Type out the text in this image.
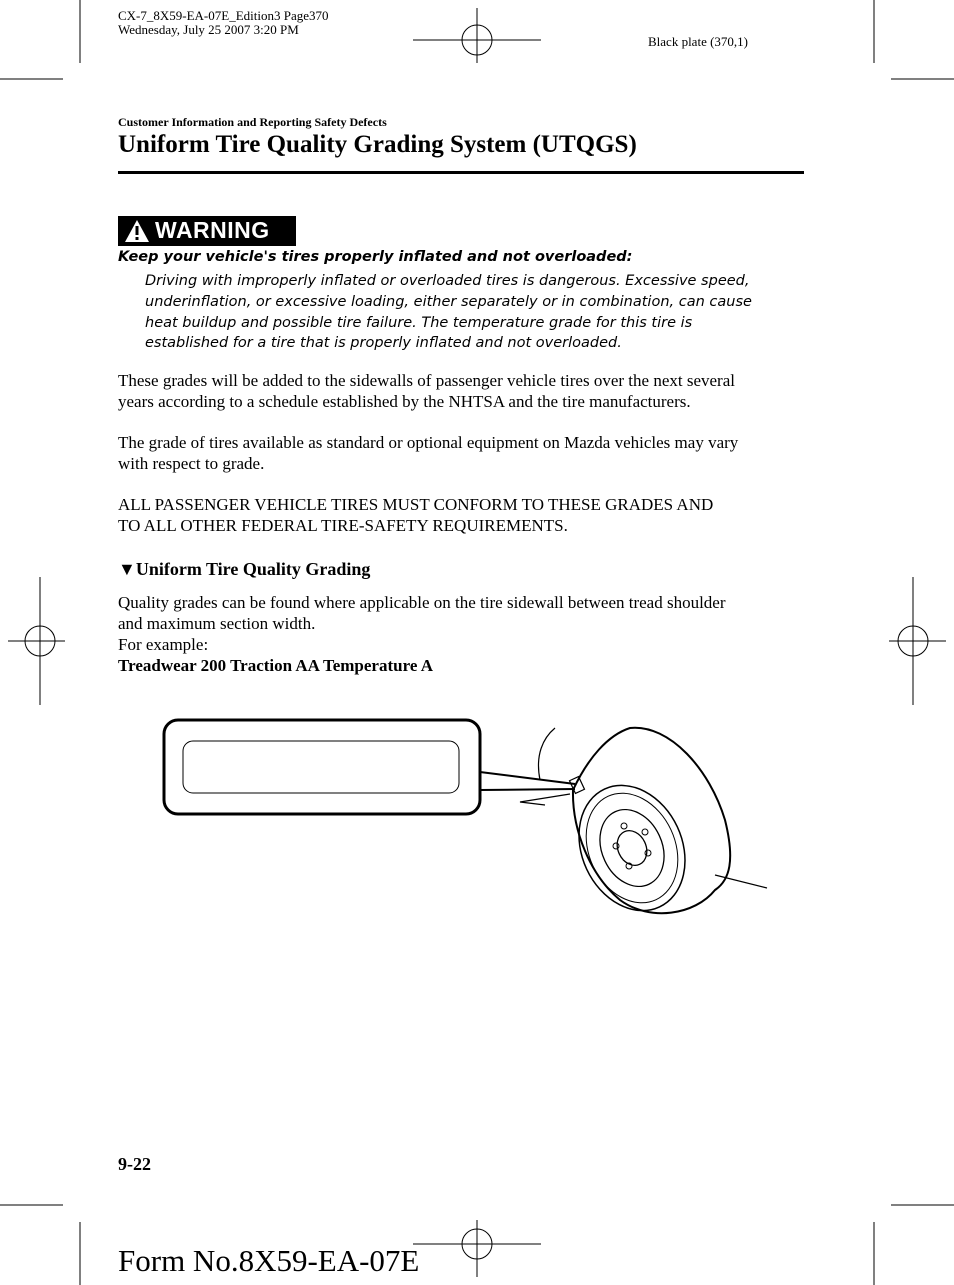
CX-7_8X59-EA-07E_Edition3 Page370
Wednesday, July 25 2007 3:20 PM
Black plate (370,1)
Customer Information and Reporting Safety Defects
Uniform Tire Quality Grading System (UTQGS)
WARNING
Keep your vehicle's tires properly inflated and not overloaded:
Driving with improperly inflated or overloaded tires is dangerous. Excessive speed,
underinflation, or excessive loading, either separately or in combination, can cause
heat buildup and possible tire failure. The temperature grade for this tire is
established for a tire that is properly inflated and not overloaded.
These grades will be added to the sidewalls of passenger vehicle tires over the next several
years according to a schedule established by the NHTSA and the tire manufacturers.
The grade of tires available as standard or optional equipment on Mazda vehicles may vary
with respect to grade.
ALL PASSENGER VEHICLE TIRES MUST CONFORM TO THESE GRADES AND
TO ALL OTHER FEDERAL TIRE-SAFETY REQUIREMENTS.
▼Uniform Tire Quality Grading
Quality grades can be found where applicable on the tire sidewall between tread shoulder
and maximum section width.
For example:
Treadwear 200 Traction AA Temperature A
9-22
Form No.8X59-EA-07E
